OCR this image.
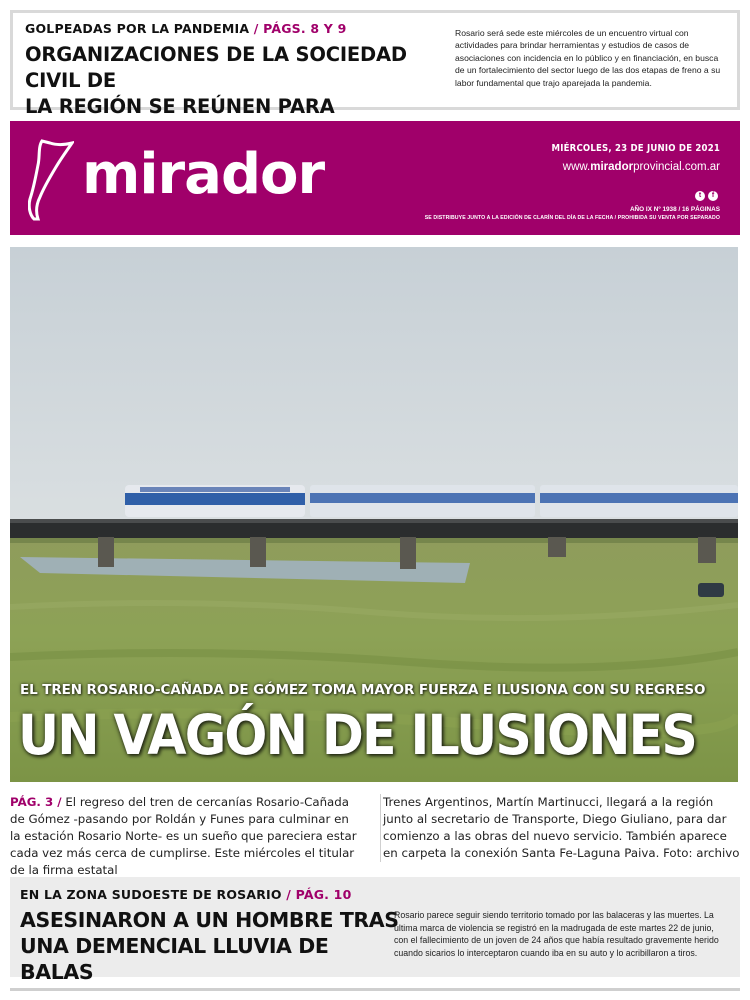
GOLPEADAS POR LA PANDEMIA / PÁGS. 8 Y 9
ORGANIZACIONES DE LA SOCIEDAD CIVIL DE
LA REGIÓN SE REÚNEN PARA
Rosario será sede este miércoles de un encuentro virtual con actividades para brindar herramientas y estudios de casos de asociaciones con incidencia en lo público y en financiación, en busca de un fortalecimiento del sector luego de las dos etapas de freno a su labor fundamental que trajo aparejada la pandemia.
mirador	MIÉRCOLES, 23 DE JUNIO DE 2021
www.miradorprovincial.com.ar
t	f
AÑO IX Nº 1938 / 16 PÁGINAS
SE DISTRIBUYE JUNTO A LA EDICIÓN DE CLARÍN DEL DÍA DE LA FECHA / PROHIBIDA SU VENTA POR SEPARADO
EL TREN ROSARIO-CAÑADA DE GÓMEZ TOMA MAYOR FUERZA E ILUSIONA CON SU REGRESO
UN VAGÓN DE ILUSIONES
PÁG. 3 / El regreso del tren de cercanías Rosario-Cañada de Gómez -pasando por Roldán y Funes para culminar en la estación Rosario Norte- es un sueño que pareciera estar cada vez más cerca de cumplirse. Este miércoles el titular de la firma estatal
Trenes Argentinos, Martín Martinucci, llegará a la región junto al secretario de Transporte, Diego Giuliano, para dar comienzo a las obras del nuevo servicio. También aparece en carpeta la conexión Santa Fe-Laguna Paiva. Foto: archivo
EN LA ZONA SUDOESTE DE ROSARIO / PÁG. 10
ASESINARON A UN HOMBRE TRAS
UNA DEMENCIAL LLUVIA DE BALAS
Rosario parece seguir siendo territorio tomado por las balaceras y las muertes. La última marca de violencia se registró en la madrugada de este martes 22 de junio, con el fallecimiento de un joven de 24 años que había resultado gravemente herido cuando sicarios lo interceptaron cuando iba en su auto y lo acribillaron a tiros.
